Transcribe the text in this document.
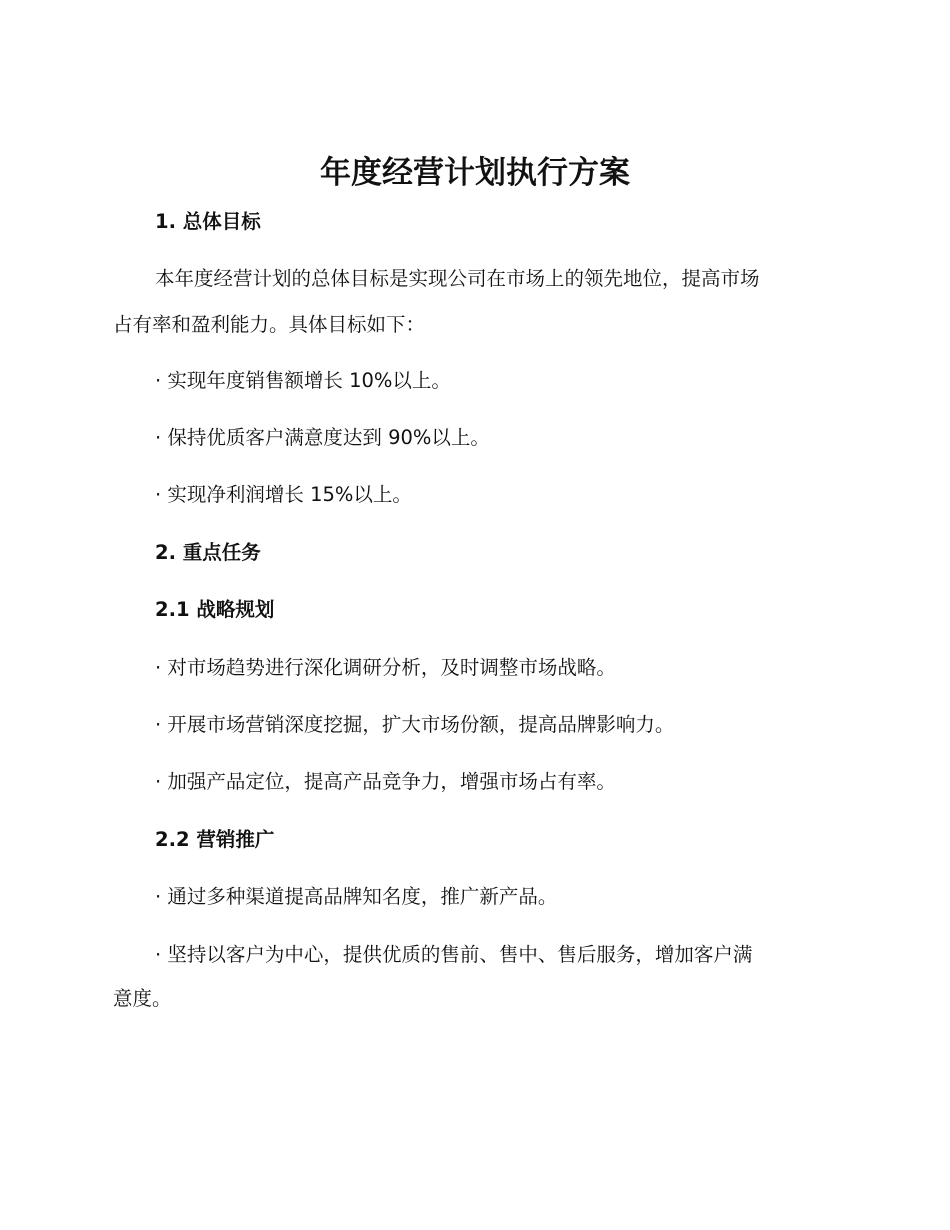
年度经营计划执行方案
1. 总体目标
本年度经营计划的总体目标是实现公司在市场上的领先地位，提高市场
占有率和盈利能力。具体目标如下：
· 实现年度销售额增长 10%以上。
· 保持优质客户满意度达到 90%以上。
· 实现净利润增长 15%以上。
2. 重点任务
2.1 战略规划
· 对市场趋势进行深化调研分析，及时调整市场战略。
· 开展市场营销深度挖掘，扩大市场份额，提高品牌影响力。
· 加强产品定位，提高产品竞争力，增强市场占有率。
2.2 营销推广
· 通过多种渠道提高品牌知名度，推广新产品。
· 坚持以客户为中心，提供优质的售前、售中、售后服务，增加客户满
意度。
